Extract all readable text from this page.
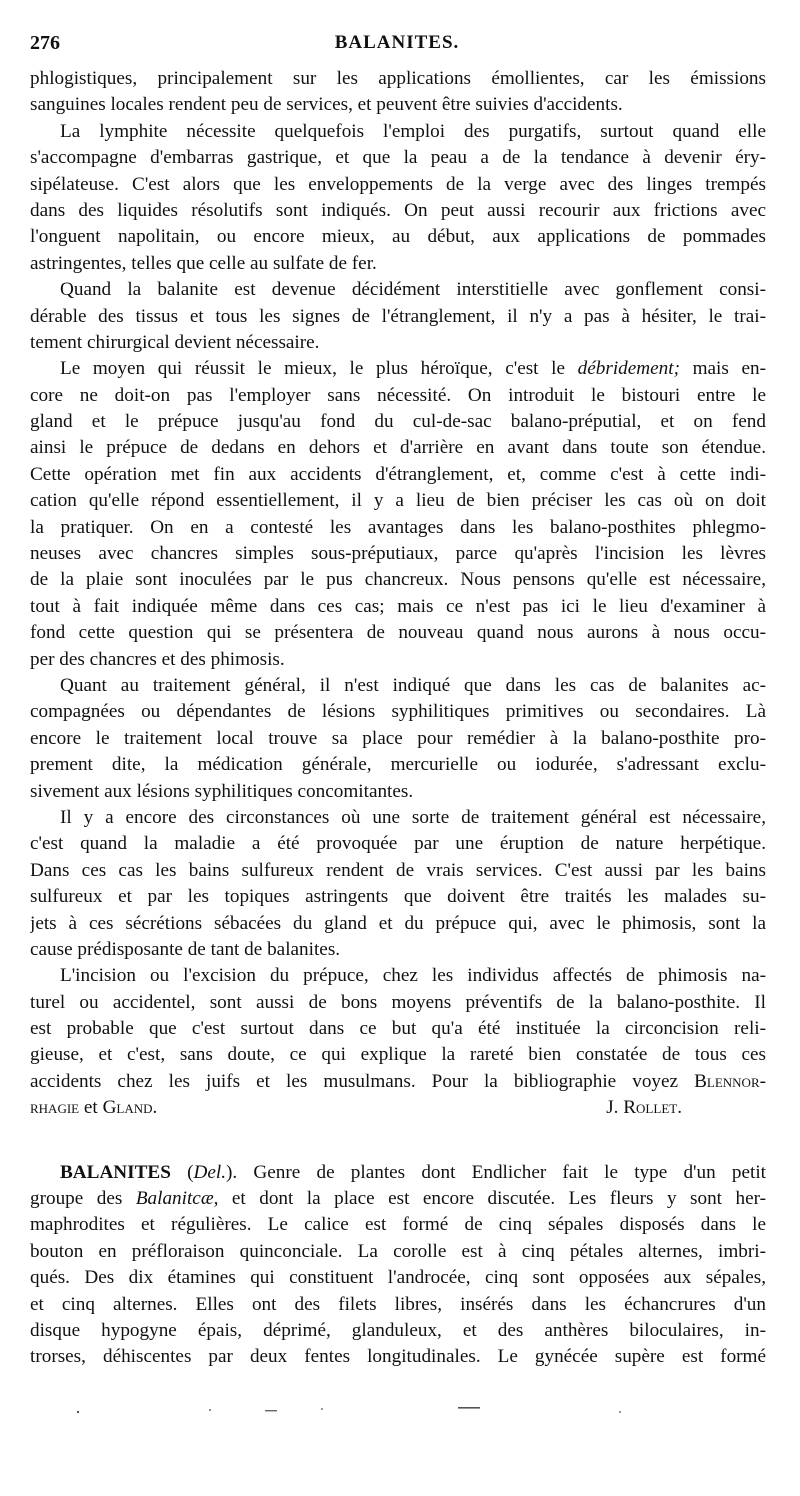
276	BALANITES.
phlogistiques, principalement sur les applications émollientes, car les émissions
sanguines locales rendent peu de services, et peuvent être suivies d'accidents.
La lymphite nécessite quelquefois l'emploi des purgatifs, surtout quand elle
s'accompagne d'embarras gastrique, et que la peau a de la tendance à devenir éry-
sipélateuse. C'est alors que les enveloppements de la verge avec des linges trempés
dans des liquides résolutifs sont indiqués. On peut aussi recourir aux frictions avec
l'onguent napolitain, ou encore mieux, au début, aux applications de pommades
astringentes, telles que celle au sulfate de fer.
Quand la balanite est devenue décidément interstitielle avec gonflement consi-
dérable des tissus et tous les signes de l'étranglement, il n'y a pas à hésiter, le trai-
tement chirurgical devient nécessaire.
Le moyen qui réussit le mieux, le plus héroïque, c'est le débridement; mais en-
core ne doit-on pas l'employer sans nécessité. On introduit le bistouri entre le
gland et le prépuce jusqu'au fond du cul-de-sac balano-préputial, et on fend
ainsi le prépuce de dedans en dehors et d'arrière en avant dans toute son étendue.
Cette opération met fin aux accidents d'étranglement, et, comme c'est à cette indi-
cation qu'elle répond essentiellement, il y a lieu de bien préciser les cas où on doit
la pratiquer. On en a contesté les avantages dans les balano-posthites phlegmo-
neuses avec chancres simples sous-préputiaux, parce qu'après l'incision les lèvres
de la plaie sont inoculées par le pus chancreux. Nous pensons qu'elle est nécessaire,
tout à fait indiquée même dans ces cas; mais ce n'est pas ici le lieu d'examiner à
fond cette question qui se présentera de nouveau quand nous aurons à nous occu-
per des chancres et des phimosis.
Quant au traitement général, il n'est indiqué que dans les cas de balanites ac-
compagnées ou dépendantes de lésions syphilitiques primitives ou secondaires. Là
encore le traitement local trouve sa place pour remédier à la balano-posthite pro-
prement dite, la médication générale, mercurielle ou iodurée, s'adressant exclu-
sivement aux lésions syphilitiques concomitantes.
Il y a encore des circonstances où une sorte de traitement général est nécessaire,
c'est quand la maladie a été provoquée par une éruption de nature herpétique.
Dans ces cas les bains sulfureux rendent de vrais services. C'est aussi par les bains
sulfureux et par les topiques astringents que doivent être traités les malades su-
jets à ces sécrétions sébacées du gland et du prépuce qui, avec le phimosis, sont la
cause prédisposante de tant de balanites.
L'incision ou l'excision du prépuce, chez les individus affectés de phimosis na-
turel ou accidentel, sont aussi de bons moyens préventifs de la balano-posthite. Il
est probable que c'est surtout dans ce but qu'a été instituée la circoncision reli-
gieuse, et c'est, sans doute, ce qui explique la rareté bien constatée de tous ces
accidents chez les juifs et les musulmans. Pour la bibliographie voyez Blennor-
rhagie et Gland.	J. Rollet.
BALANITES (Del.). Genre de plantes dont Endlicher fait le type d'un petit
groupe des Balanitcæ, et dont la place est encore discutée. Les fleurs y sont her-
maphrodites et régulières. Le calice est formé de cinq sépales disposés dans le
bouton en préfloraison quinconciale. La corolle est à cinq pétales alternes, imbri-
qués. Des dix étamines qui constituent l'androcée, cinq sont opposées aux sépales,
et cinq alternes. Elles ont des filets libres, insérés dans les échancrures d'un
disque hypogyne épais, déprimé, glanduleux, et des anthères biloculaires, in-
trorses, déhiscentes par deux fentes longitudinales. Le gynécée supère est formé
